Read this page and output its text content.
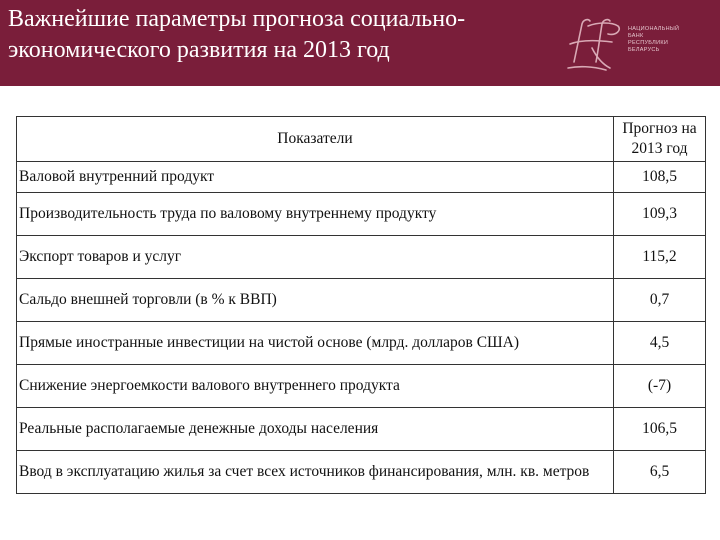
Важнейшие параметры прогноза социально-
экономического развития на 2013 год
НАЦИОНАЛЬНЫЙ
БАНК
РЕСПУБЛИКИ
БЕЛАРУСЬ
Показатели	Прогноз на
2013 год

Валовой внутренний продукт	108,5
Производительность труда по валовому внутреннему продукту	109,3
Экспорт товаров и услуг	115,2
Сальдо внешней торговли (в % к ВВП)	0,7
Прямые иностранные инвестиции на чистой основе (млрд. долларов США)	4,5
Снижение энергоемкости валового внутреннего продукта	(-7)
Реальные располагаемые денежные доходы населения	106,5
Ввод в эксплуатацию жилья за счет всех источников финансирования, млн. кв. метров	6,5
